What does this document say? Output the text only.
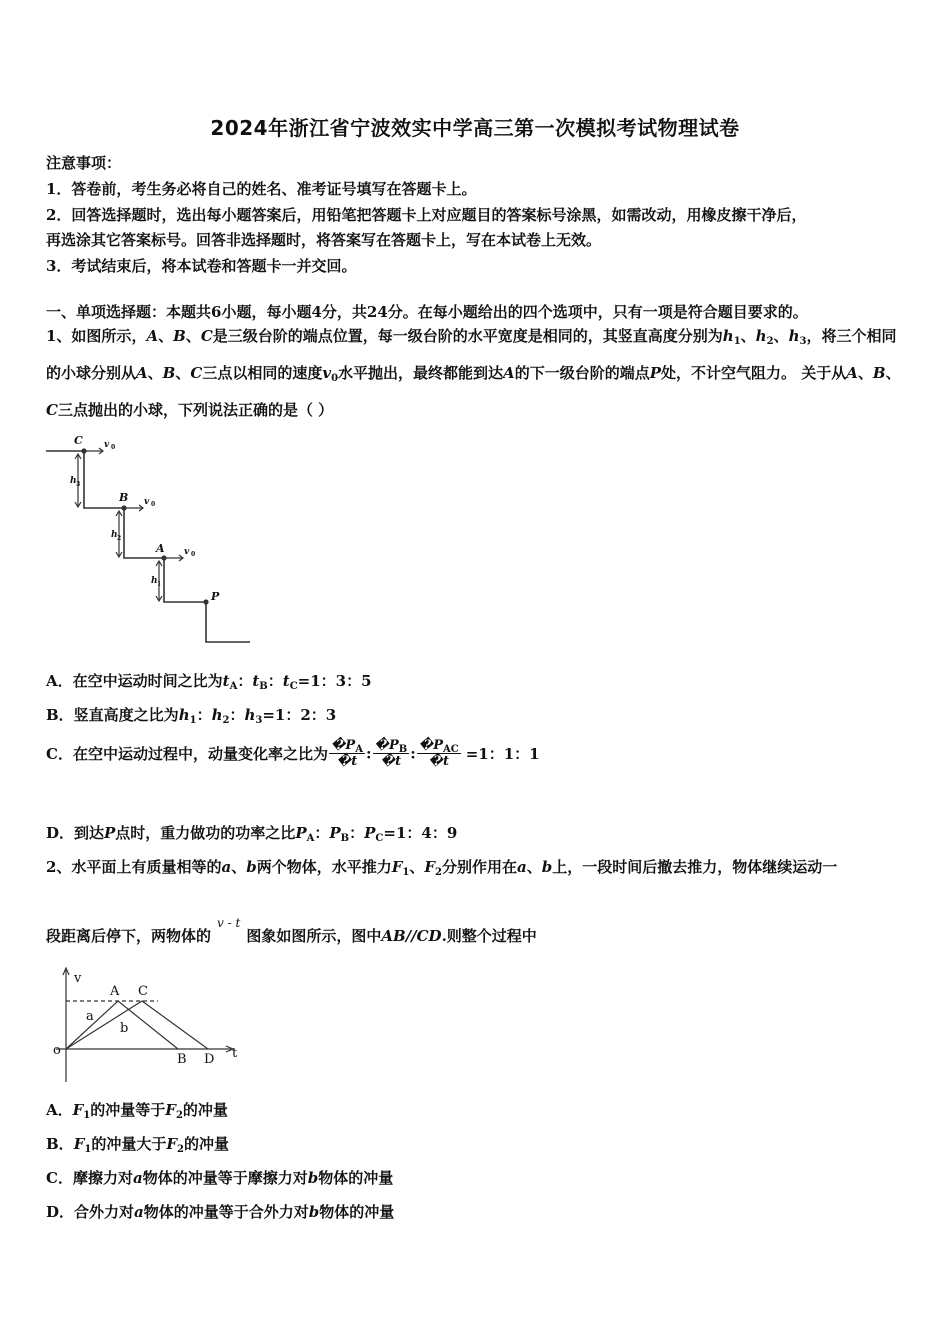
2024年浙江省宁波效实中学高三第一次模拟考试物理试卷
注意事项：
1．答卷前，考生务必将自己的姓名、准考证号填写在答题卡上。
2．回答选择题时，选出每小题答案后，用铅笔把答题卡上对应题目的答案标号涂黑，如需改动，用橡皮擦干净后，
再选涂其它答案标号。回答非选择题时，将答案写在答题卡上，写在本试卷上无效。
3．考试结束后，将本试卷和答题卡一并交回。
一、单项选择题：本题共6小题，每小题4分，共24分。在每小题给出的四个选项中，只有一项是符合题目要求的。
1、如图所示，A、B、C是三级台阶的端点位置，每一级台阶的水平宽度是相同的，其竖直高度分别为$h_1$、$h_2$、$h_3$，将三个相同的小球分别从A、B、C三点以相同的速度$v_0$水平抛出，最终都能到达A的下一级台阶的端点P处，不计空气阻力。 关于从A、B、C三点抛出的小球，下列说法正确的是（ ）
C v 0
B v 0
A v 0
P
h 3
h 2
h 1
A．在空中运动时间之比为$t_A$：$t_B$：$t_C=1$：3：5
B．竖直高度之比为$h_1$：$h_2$：$h_3=1$：2：3
C．在空中运动过程中，动量变化率之比为 $\frac{�P_A}{�t}$ : $\frac{�P_B}{�t}$ : $\frac{�P_{AC}}{�t} =1$：1：1
D．到达P点时，重力做功的功率之比$P_A$：$P_B$：$P_C=1$：4：9
2、水平面上有质量相等的a、b两个物体，水平推力$F_1$、$F_2$分别作用在a、b上，一段时间后撤去推力，物体继续运动一
段距离后停下，两物体的$^{v - t}$图象如图所示，图中AB//CD.则整个过程中
v
t
o
A C
B D
a
b
A．$F_1$的冲量等于$F_2$的冲量
B．$F_1$的冲量大于$F_2$的冲量
C．摩擦力对a物体的冲量等于摩擦力对b物体的冲量
D．合外力对a物体的冲量等于合外力对b物体的冲量
